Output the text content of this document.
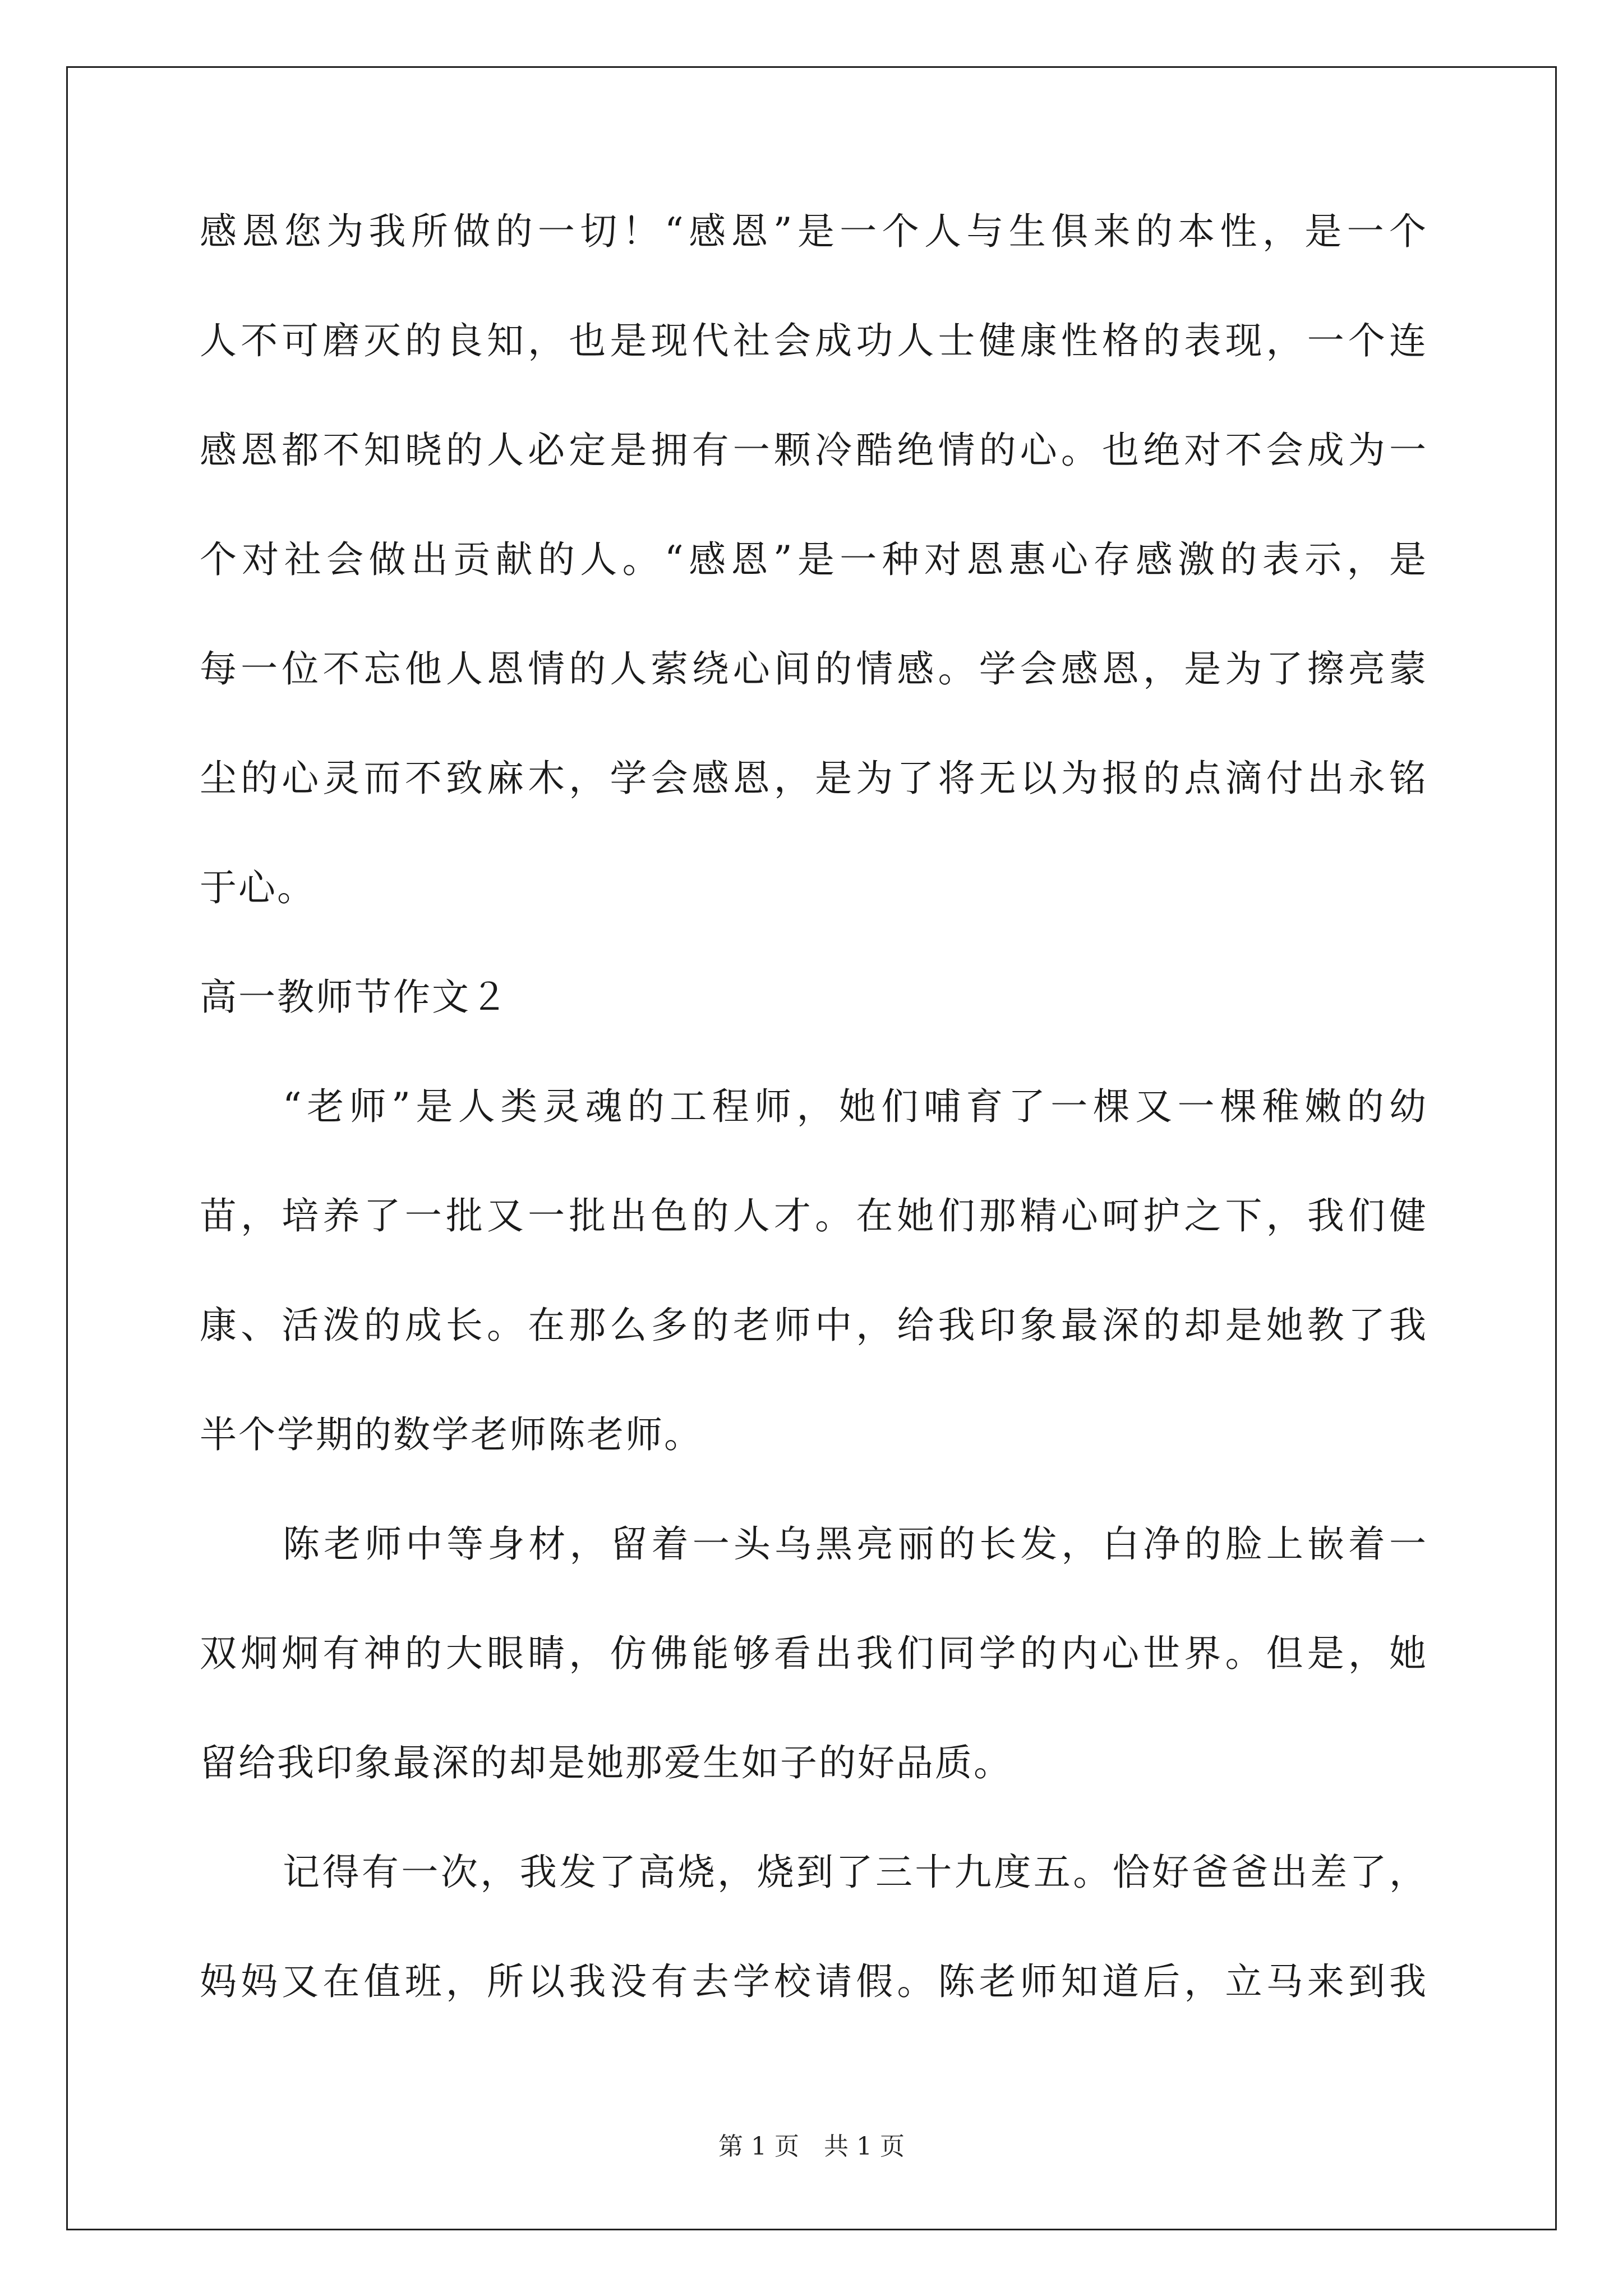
感恩您为我所做的一切！“感恩”是一个人与生俱来的本性，是一个
人不可磨灭的良知，也是现代社会成功人士健康性格的表现，一个连
感恩都不知晓的人必定是拥有一颗冷酷绝情的心。也绝对不会成为一
个对社会做出贡献的人。“感恩”是一种对恩惠心存感激的表示，是
每一位不忘他人恩情的人萦绕心间的情感。学会感恩，是为了擦亮蒙
尘的心灵而不致麻木，学会感恩，是为了将无以为报的点滴付出永铭
于心。
高一教师节作文２
“老师”是人类灵魂的工程师，她们哺育了一棵又一棵稚嫩的幼
苗，培养了一批又一批出色的人才。在她们那精心呵护之下，我们健
康、活泼的成长。在那么多的老师中，给我印象最深的却是她教了我
半个学期的数学老师陈老师。
陈老师中等身材，留着一头乌黑亮丽的长发，白净的脸上嵌着一
双炯炯有神的大眼睛，仿佛能够看出我们同学的内心世界。但是，她
留给我印象最深的却是她那爱生如子的好品质。
记得有一次，我发了高烧，烧到了三十九度五。恰好爸爸出差了，
妈妈又在值班，所以我没有去学校请假。陈老师知道后，立马来到我
第 1 页　共 1 页
